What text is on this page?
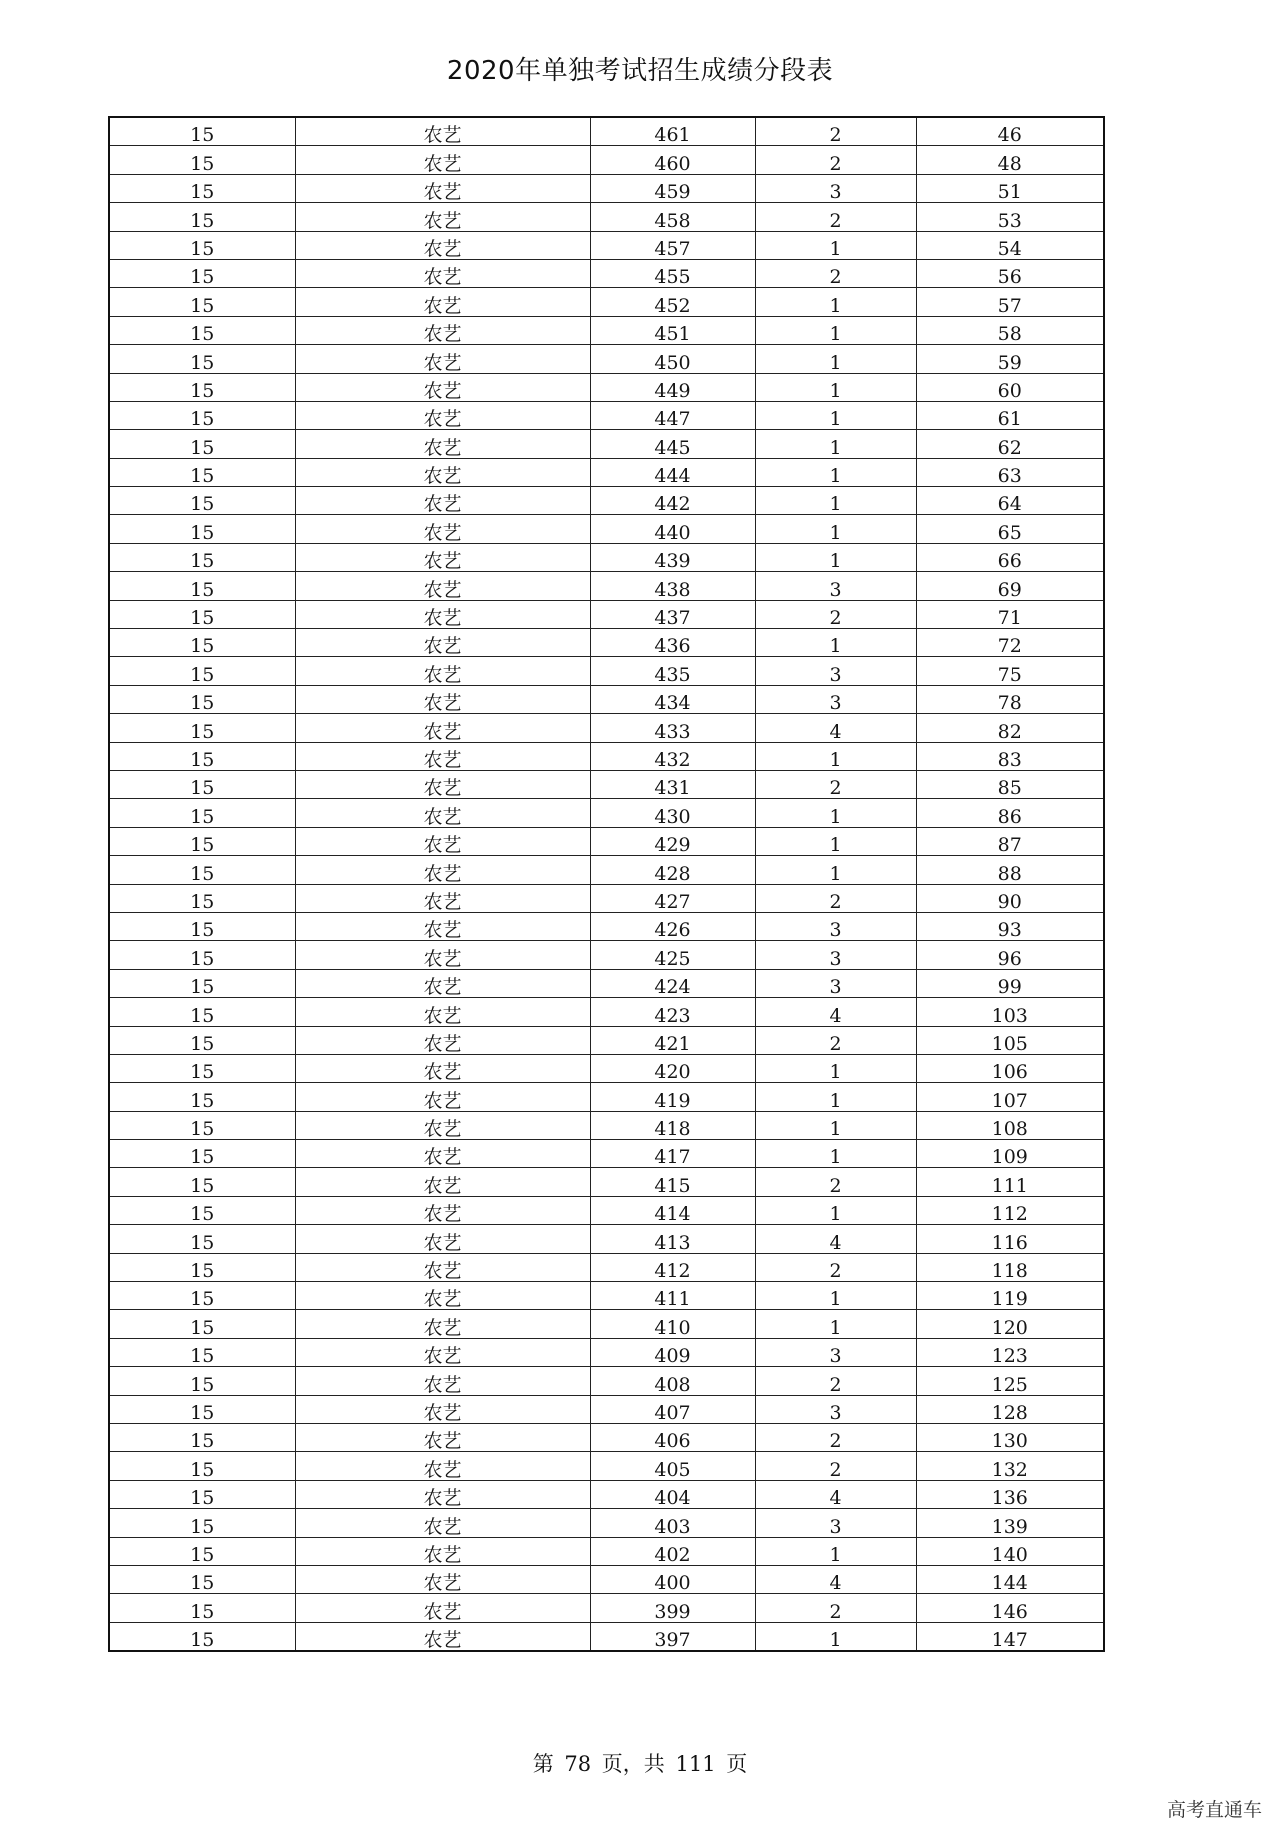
2020年单独考试招生成绩分段表
15	农艺	461	2	46
15	农艺	460	2	48
15	农艺	459	3	51
15	农艺	458	2	53
15	农艺	457	1	54
15	农艺	455	2	56
15	农艺	452	1	57
15	农艺	451	1	58
15	农艺	450	1	59
15	农艺	449	1	60
15	农艺	447	1	61
15	农艺	445	1	62
15	农艺	444	1	63
15	农艺	442	1	64
15	农艺	440	1	65
15	农艺	439	1	66
15	农艺	438	3	69
15	农艺	437	2	71
15	农艺	436	1	72
15	农艺	435	3	75
15	农艺	434	3	78
15	农艺	433	4	82
15	农艺	432	1	83
15	农艺	431	2	85
15	农艺	430	1	86
15	农艺	429	1	87
15	农艺	428	1	88
15	农艺	427	2	90
15	农艺	426	3	93
15	农艺	425	3	96
15	农艺	424	3	99
15	农艺	423	4	103
15	农艺	421	2	105
15	农艺	420	1	106
15	农艺	419	1	107
15	农艺	418	1	108
15	农艺	417	1	109
15	农艺	415	2	111
15	农艺	414	1	112
15	农艺	413	4	116
15	农艺	412	2	118
15	农艺	411	1	119
15	农艺	410	1	120
15	农艺	409	3	123
15	农艺	408	2	125
15	农艺	407	3	128
15	农艺	406	2	130
15	农艺	405	2	132
15	农艺	404	4	136
15	农艺	403	3	139
15	农艺	402	1	140
15	农艺	400	4	144
15	农艺	399	2	146
15	农艺	397	1	147
第 78 页，共 111 页
高考直通车
